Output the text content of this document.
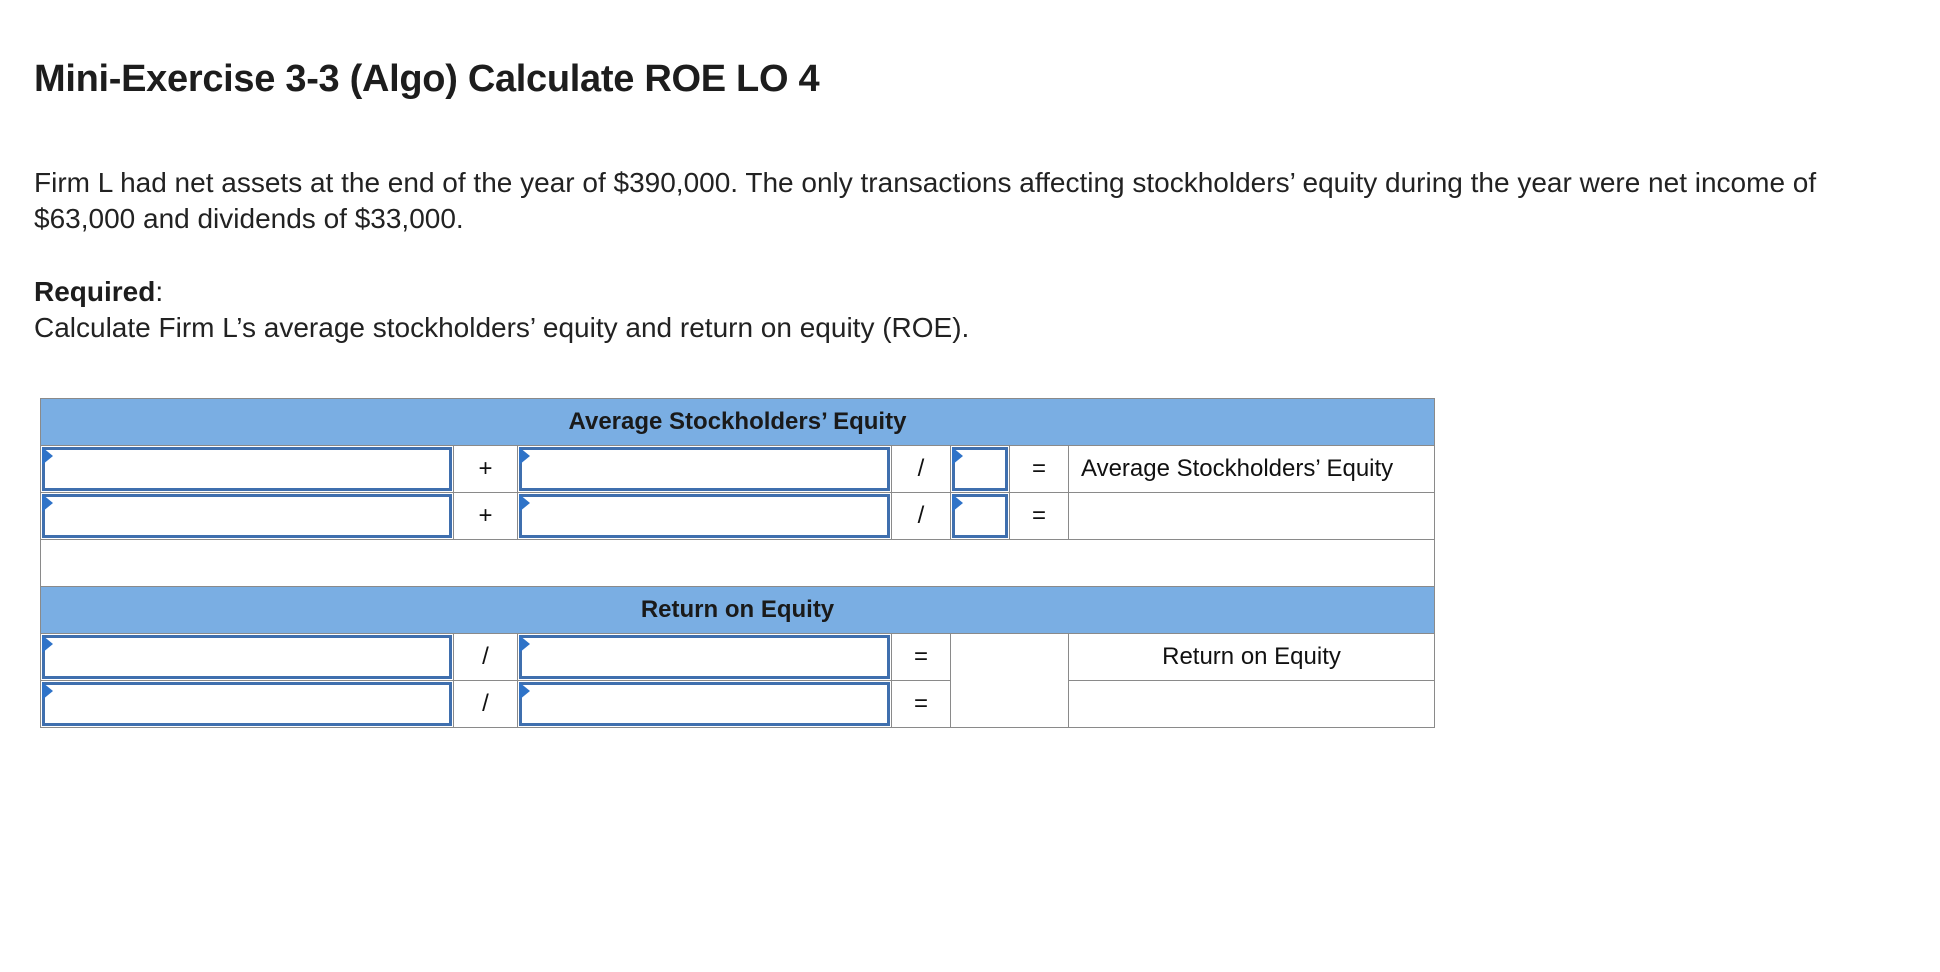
Mini-Exercise 3-3 (Algo) Calculate ROE LO 4

Firm L had net assets at the end of the year of $390,000. The only transactions affecting stockholders’ equity during the year were net income of $63,000 and dividends of $33,000.

Required:

Calculate Firm L’s average stockholders’ equity and return on equity (ROE).

Average Stockholders’ Equity						

	+		/		=	Average Stockholders’ Equity

	+		/		=	

Return on Equity						

	/		=			Return on Equity

	/		=			
